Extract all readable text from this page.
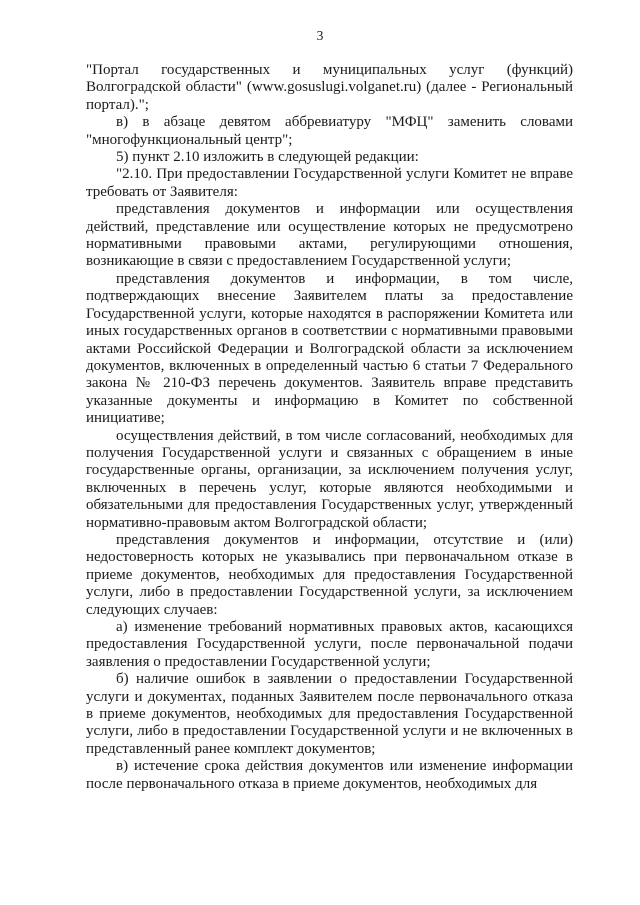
3

"Портал государственных и муниципальных услуг (функций) Волгоградской области" (www.gosuslugi.volganet.ru) (далее - Региональный портал).";

в) в абзаце девятом аббревиатуру "МФЦ" заменить словами "многофункциональный центр";

5) пункт 2.10 изложить в следующей редакции:

"2.10. При предоставлении Государственной услуги Комитет не вправе требовать от Заявителя:

представления документов и информации или осуществления действий, представление или осуществление которых не предусмотрено нормативными правовыми актами, регулирующими отношения, возникающие в связи с предоставлением Государственной услуги;

представления документов и информации, в том числе, подтверждающих внесение Заявителем платы за предоставление Государственной услуги, которые находятся в распоряжении Комитета или иных государственных органов в соответствии с нормативными правовыми актами Российской Федерации и Волгоградской области за исключением документов, включенных в определенный частью 6 статьи 7 Федерального закона № 210-ФЗ перечень документов. Заявитель вправе представить указанные документы и информацию в Комитет по собственной инициативе;

осуществления действий, в том числе согласований, необходимых для получения Государственной услуги и связанных с обращением в иные государственные органы, организации, за исключением получения услуг, включенных в перечень услуг, которые являются необходимыми и обязательными для предоставления Государственных услуг, утвержденный нормативно-правовым актом Волгоградской области;

представления документов и информации, отсутствие и (или) недостоверность которых не указывались при первоначальном отказе в приеме документов, необходимых для предоставления Государственной услуги, либо в предоставлении Государственной услуги, за исключением следующих случаев:

а) изменение требований нормативных правовых актов, касающихся предоставления Государственной услуги, после первоначальной подачи заявления о предоставлении Государственной услуги;

б) наличие ошибок в заявлении о предоставлении Государственной услуги и документах, поданных Заявителем после первоначального отказа в приеме документов, необходимых для предоставления Государственной услуги, либо в предоставлении Государственной услуги и не включенных в представленный ранее комплект документов;

в) истечение срока действия документов или изменение информации после первоначального отказа в приеме документов, необходимых для
